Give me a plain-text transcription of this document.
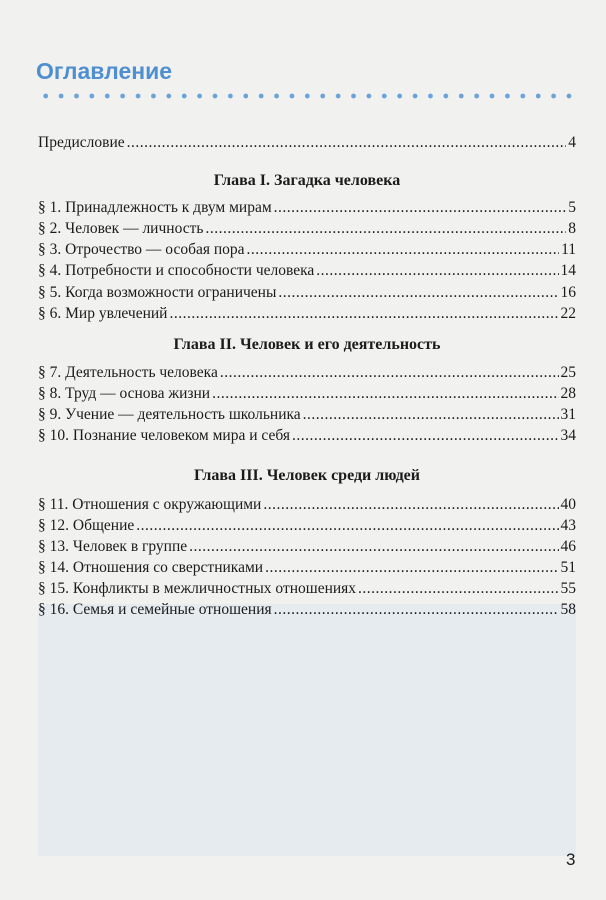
Оглавление
Предисловие .....	4
Глава I. Загадка человека
§ 1. Принадлежность к двум мирам .....	5
§ 2. Человек — личность .....	8
§ 3. Отрочество — особая пора .....	11
§ 4. Потребности и способности человека .....	14
§ 5. Когда возможности ограничены .....	16
§ 6. Мир увлечений .....	22
Глава II. Человек и его деятельность
§ 7. Деятельность человека .....	25
§ 8. Труд — основа жизни .....	28
§ 9. Учение — деятельность школьника .....	31
§ 10. Познание человеком мира и себя .....	34
Глава III. Человек среди людей
§ 11. Отношения с окружающими .....	40
§ 12. Общение .....	43
§ 13. Человек в группе .....	46
§ 14. Отношения со сверстниками .....	51
§ 15. Конфликты в межличностных отношениях .....	55
§ 16. Семья и семейные отношения .....	58
3
